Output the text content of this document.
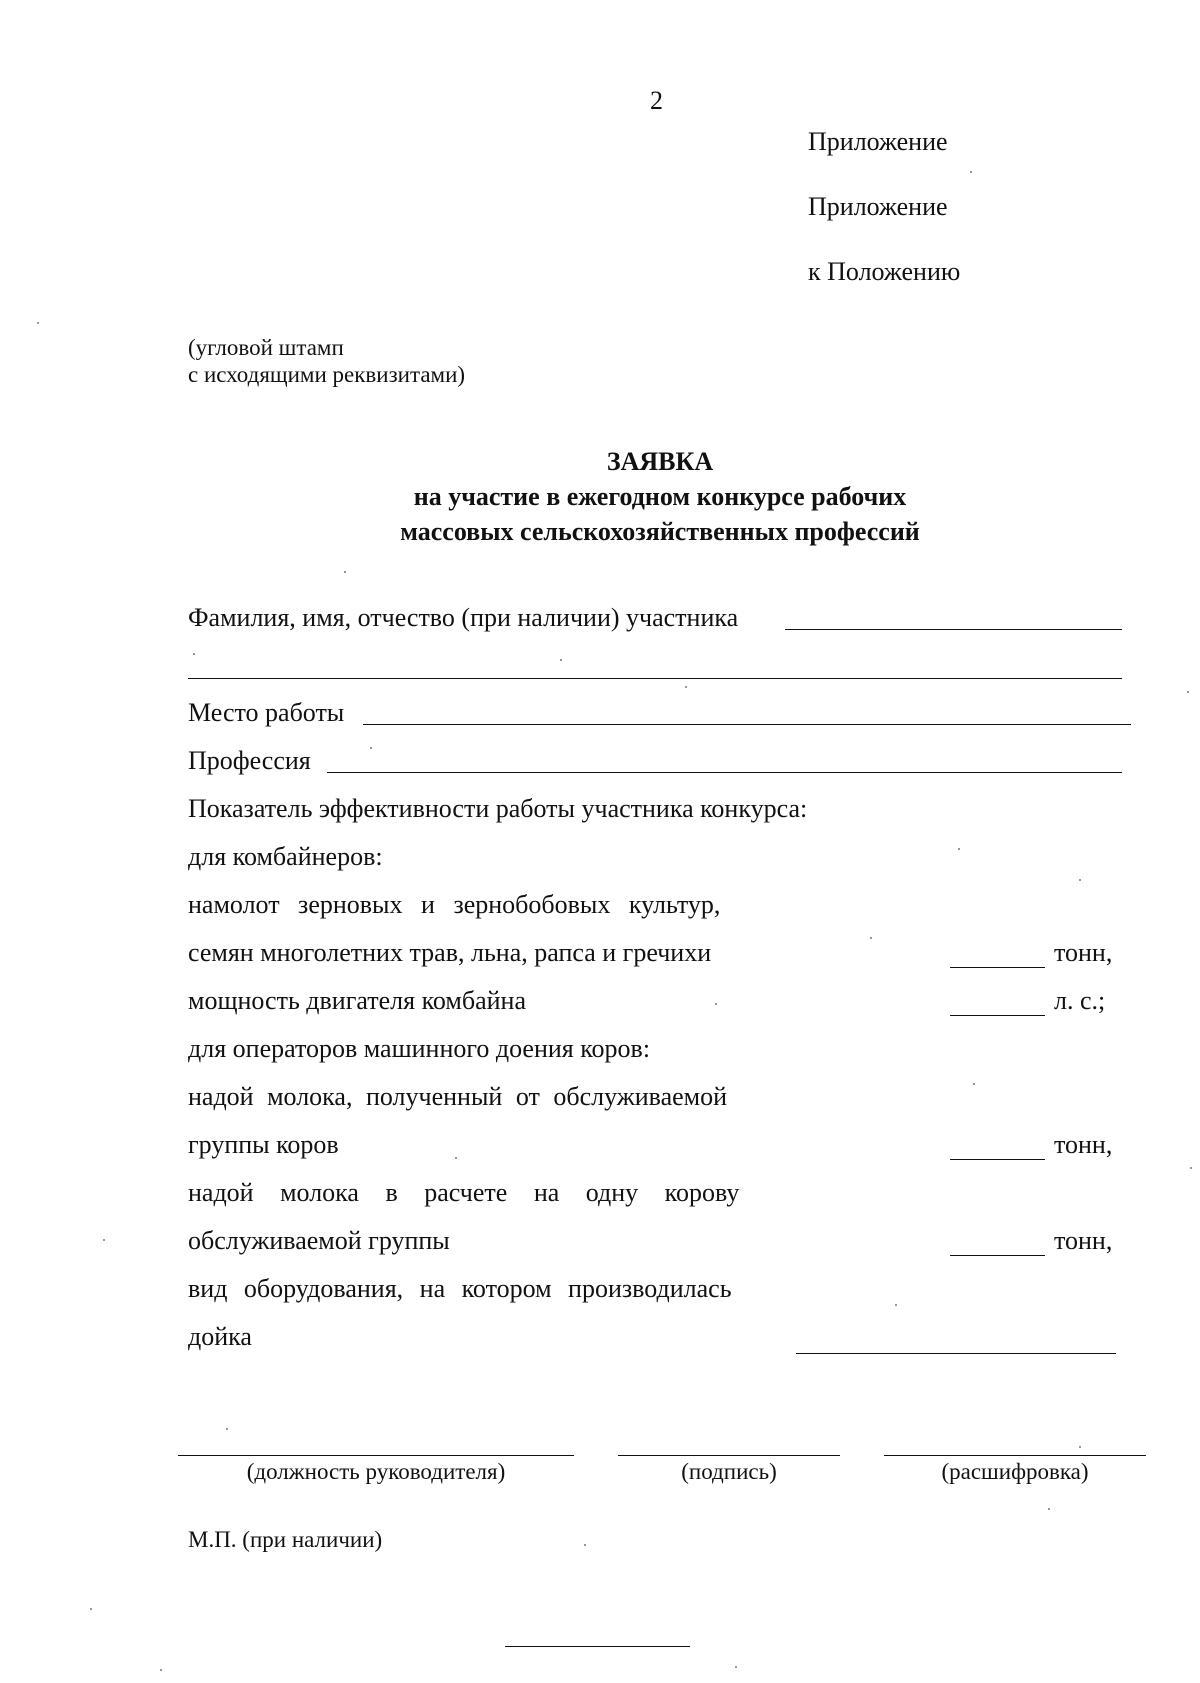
2
Приложение
Приложение
к Положению
(угловой штамп
с исходящими реквизитами)
ЗАЯВКА
на участие в ежегодном конкурсе рабочих
массовых сельскохозяйственных профессий
Фамилия, имя, отчество (при наличии) участника
Место работы
Профессия
Показатель эффективности работы участника конкурса:
для комбайнеров:
намолот зерновых и зернобобовых культур,
семян многолетних трав, льна, рапса и гречихи	тонн,
мощность двигателя комбайна	л. с.;
для операторов машинного доения коров:
надой молока, полученный от обслуживаемой
группы коров	тонн,
надой молока в расчете на одну корову
обслуживаемой группы	тонн,
вид оборудования, на котором производилась
дойка
(должность руководителя)	(подпись)	(расшифровка)
М.П. (при наличии)
